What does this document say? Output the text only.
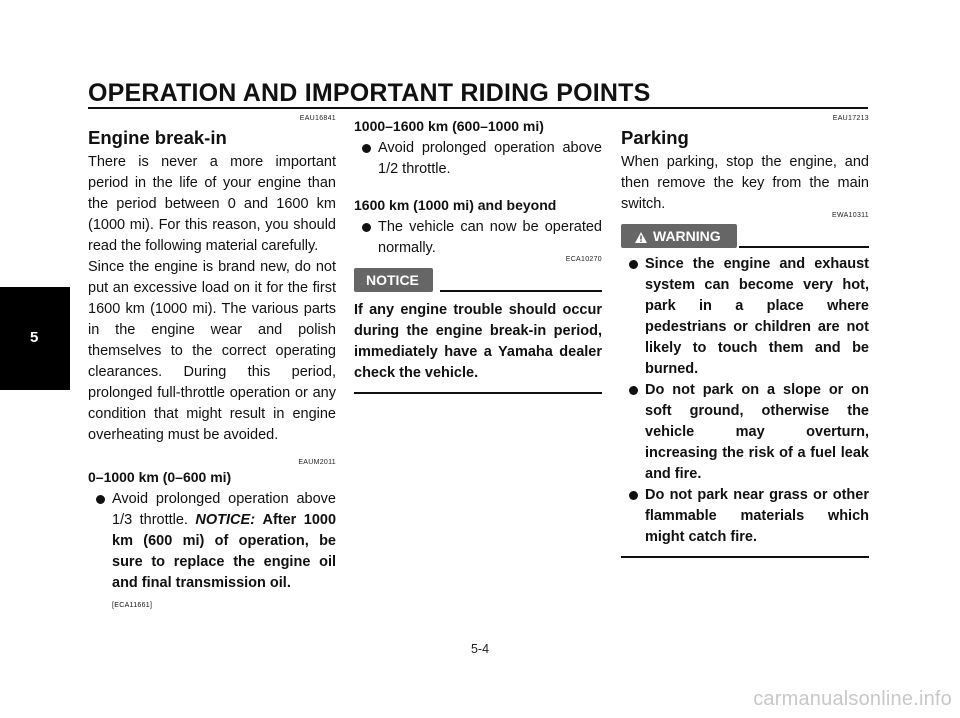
OPERATION AND IMPORTANT RIDING POINTS
5
EAU16841
Engine break-in

There is never a more important period in the life of your engine than the period between 0 and 1600 km (1000 mi). For this reason, you should read the following material carefully.

Since the engine is brand new, do not put an excessive load on it for the first 1600 km (1000 mi). The various parts in the engine wear and polish themselves to the correct operating clearances. During this period, prolonged full-throttle operation or any condition that might result in engine overheating must be avoided.

EAUM2011
0–1000 km (0–600 mi)
Avoid prolonged operation above 1/3 throttle. NOTICE: After 1000 km (600 mi) of operation, be sure to replace the engine oil and final transmission oil.
[ECA11661]
1000–1600 km (600–1000 mi)
Avoid prolonged operation above 1/2 throttle.
1600 km (1000 mi) and beyond
The vehicle can now be operated normally.
ECA10270
NOTICE

If any engine trouble should occur during the engine break-in period, immediately have a Yamaha dealer check the vehicle.

EAU17213
Parking

When parking, stop the engine, and then remove the key from the main switch.

EWA10311
WARNING
Since the engine and exhaust system can become very hot, park in a place where pedestrians or children are not likely to touch them and be burned.
Do not park on a slope or on soft ground, otherwise the vehicle may overturn, increasing the risk of a fuel leak and fire.
Do not park near grass or other flammable materials which might catch fire.
5-4
carmanualsonline.info
